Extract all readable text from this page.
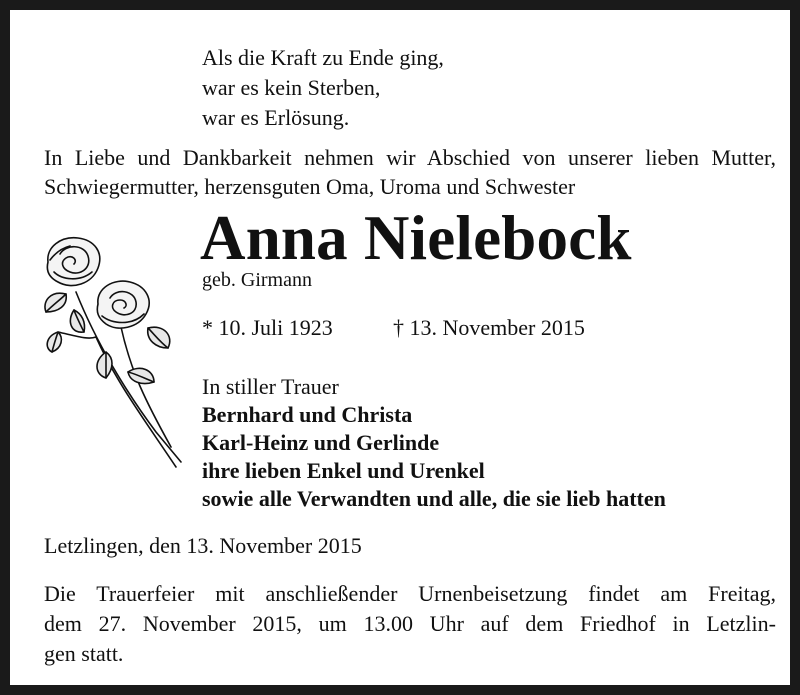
Als die Kraft zu Ende ging,
war es kein Sterben,
war es Erlösung.
In Liebe und Dankbarkeit nehmen wir Abschied von unserer lieben Mutter, Schwiegermutter, herzensguten Oma, Uroma und Schwester
Anna Nielebock
geb. Girmann
* 10. Juli 1923	† 13. November 2015
In stiller Trauer
Bernhard und Christa
Karl-Heinz und Gerlinde
ihre lieben Enkel und Urenkel
sowie alle Verwandten und alle, die sie lieb hatten
Letzlingen, den 13. November 2015
Die Trauerfeier mit anschließender Urnenbeisetzung findet am Freitag,
dem 27. November 2015, um 13.00 Uhr auf dem Friedhof in Letzlin-
gen statt.
